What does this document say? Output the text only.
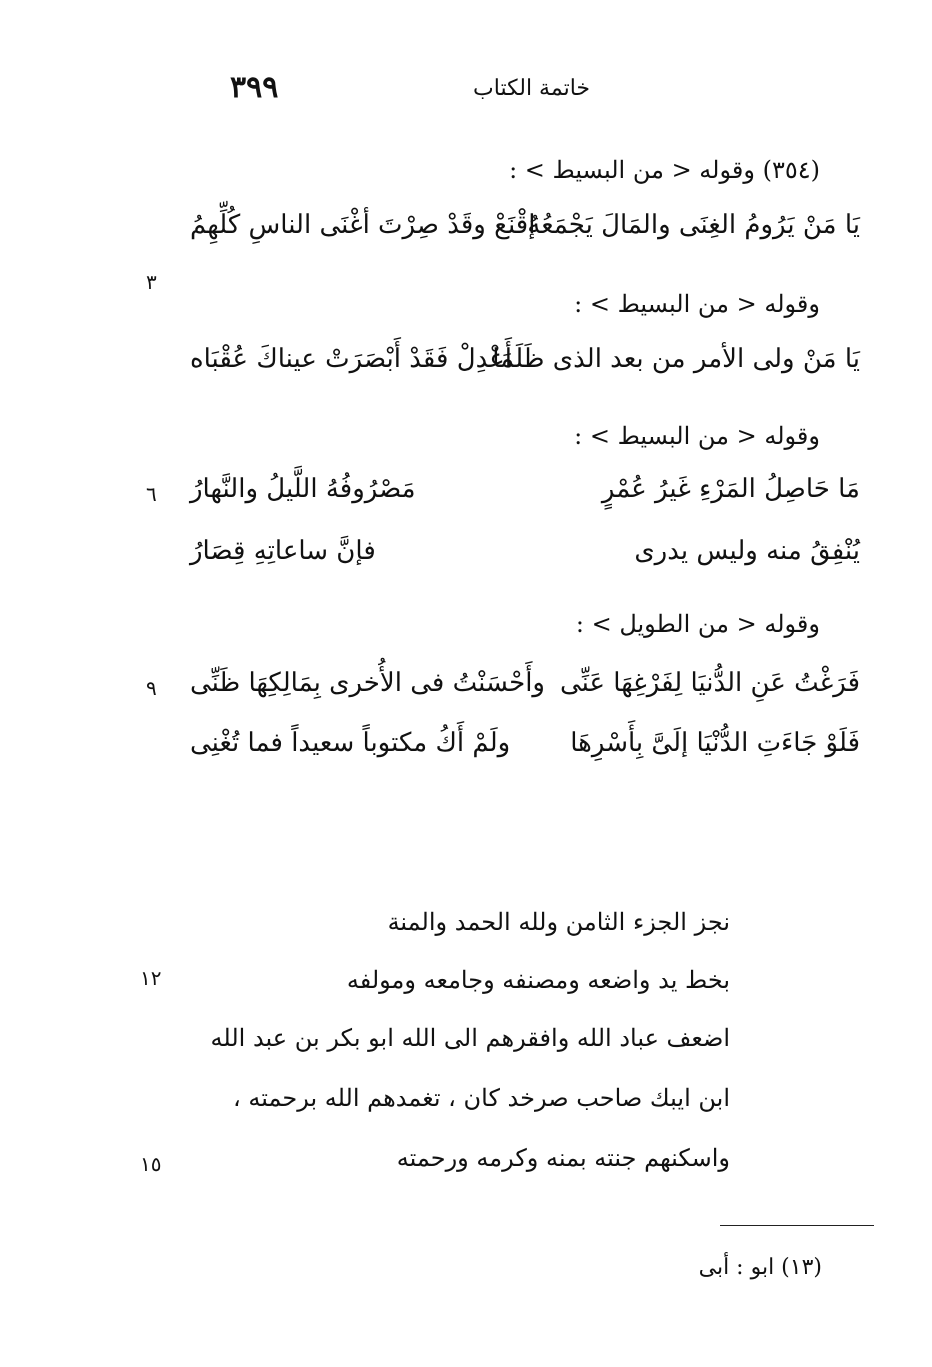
٣٩٩	خاتمة الكتاب
(٣٥٤) وقوله < من البسيط > :
يَا مَنْ يَرُومُ الغِنَى والمَالَ يَجْمَعُهُ
إقْنَعْ وقَدْ صِرْتَ أغْنَى الناسِ كُلِّهِمُ
٣
وقوله < من البسيط > :
يَا مَنْ ولى الأمر من بعد الذى ظَلَمَا
أَعْدِلْ فَقَدْ أَبْصَرَتْ عيناكَ عُقْبَاه
وقوله < من البسيط > :
مَا حَاصِلُ المَرْءِ غَيرُ عُمْرٍ
مَصْرُوفُهُ اللَّيلُ والنَّهارُ
٦
يُنْفِقُ منه وليس يدرى
فإنَّ ساعاتِهِ قِصَارُ
وقوله < من الطويل > :
فَرَغْتُ عَنِ الدُّنيَا لِفَرْغِهَا عَنِّى
وأَحْسَنْتُ فى الأُخرى بِمَالِكِهَا ظَنِّى
٩
فَلَوْ جَاءَتِ الدُّنْيَا إلَىَّ بِأَسْرِهَا
ولَمْ أَكُ مكتوباً سعيداً فما تُغْنِى
نجز الجزء الثامن ولله الحمد والمنة
بخط يد واضعه ومصنفه وجامعه ومولفه
١٢
اضعف عباد الله وافقرهم الى الله ابو بكر بن عبد الله
ابن ايبك صاحب صرخد كان ، تغمدهم الله برحمته ،
واسكنهم جنته بمنه وكرمه ورحمته
١٥
(١٣) ابو : أبى
